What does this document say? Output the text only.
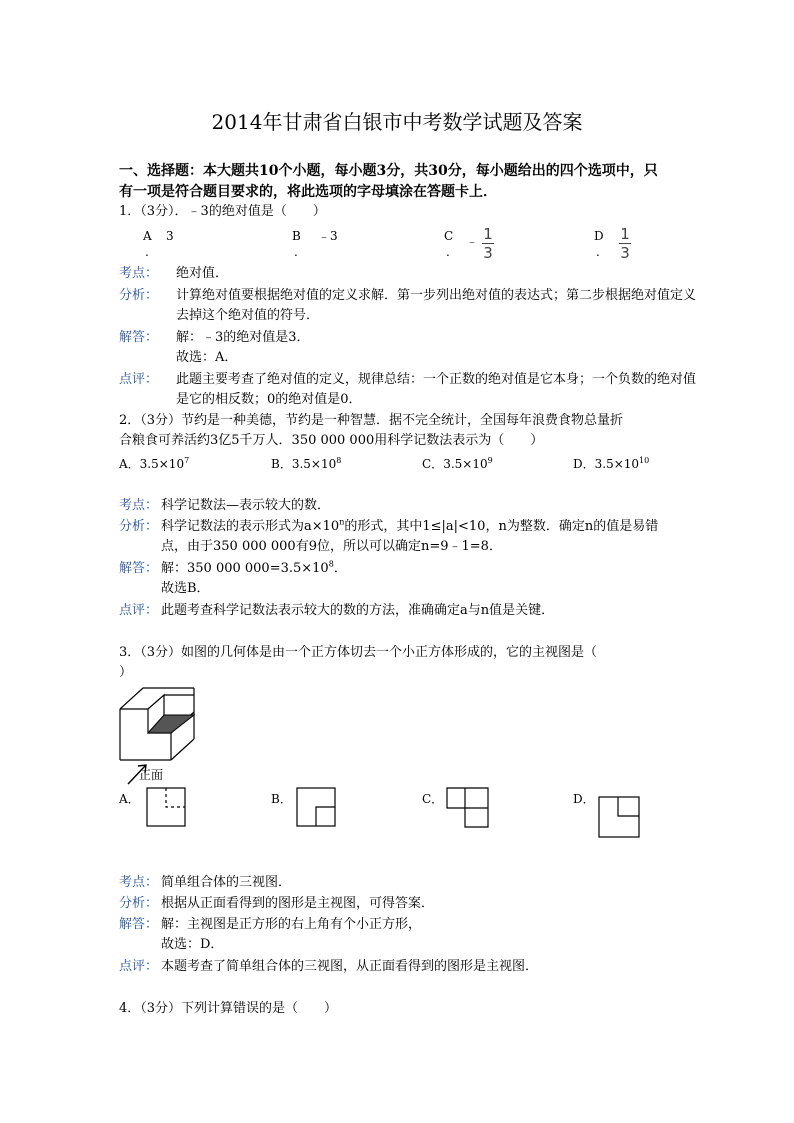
2014年甘肃省白银市中考数学试题及答案
一、选择题：本大题共10个小题，每小题3分，共30分，每小题给出的四个选项中，只
有一项是符合题目要求的，将此选项的字母填涂在答题卡上．
1．（3分）．﹣3的绝对值是（　　）
A 3
.
B ﹣3
.
C ﹣ 1
3
.
D 1
3
.
考点： 绝对值．
分析： 计算绝对值要根据绝对值的定义求解．第一步列出绝对值的表达式；第二步根据绝对值定义
去掉这个绝对值的符号．
解答： 解：﹣3的绝对值是3．
故选：A．
点评： 此题主要考查了绝对值的定义，规律总结：一个正数的绝对值是它本身；一个负数的绝对值
是它的相反数；0的绝对值是0．
2．（3分）节约是一种美德，节约是一种智慧．据不完全统计，全国每年浪费食物总量折
合粮食可养活约3亿5千万人．350 000 000用科学记数法表示为（　　）
A．$3.5\times 10^7$	B．$3.5\times 10^8$	C．$3.5\times 10^9$	D．$3.5\times 10^{10}$
考点： 科学记数法—表示较大的数．
分析： 科学记数法的表示形式为$a\times 10^n$的形式，其中1≤|a|<10，n为整数．确定n的值是易错
点，由于350 000 000有9位，所以可以确定n=9﹣1=8．
解答： 解：350 000 $000=3.5\times 10^8$．
故选B．
点评： 此题考查科学记数法表示较大的数的方法，准确确定a与n值是关键．
3．（3分）如图的几何体是由一个正方体切去一个小正方体形成的，它的主视图是（
）
正面
A．	B．	C．	D．
考点： 简单组合体的三视图．
分析： 根据从正面看得到的图形是主视图，可得答案．
解答： 解：主视图是正方形的右上角有个小正方形，
故选：D．
点评： 本题考查了简单组合体的三视图，从正面看得到的图形是主视图．
4．（3分）下列计算错误的是（　　）
